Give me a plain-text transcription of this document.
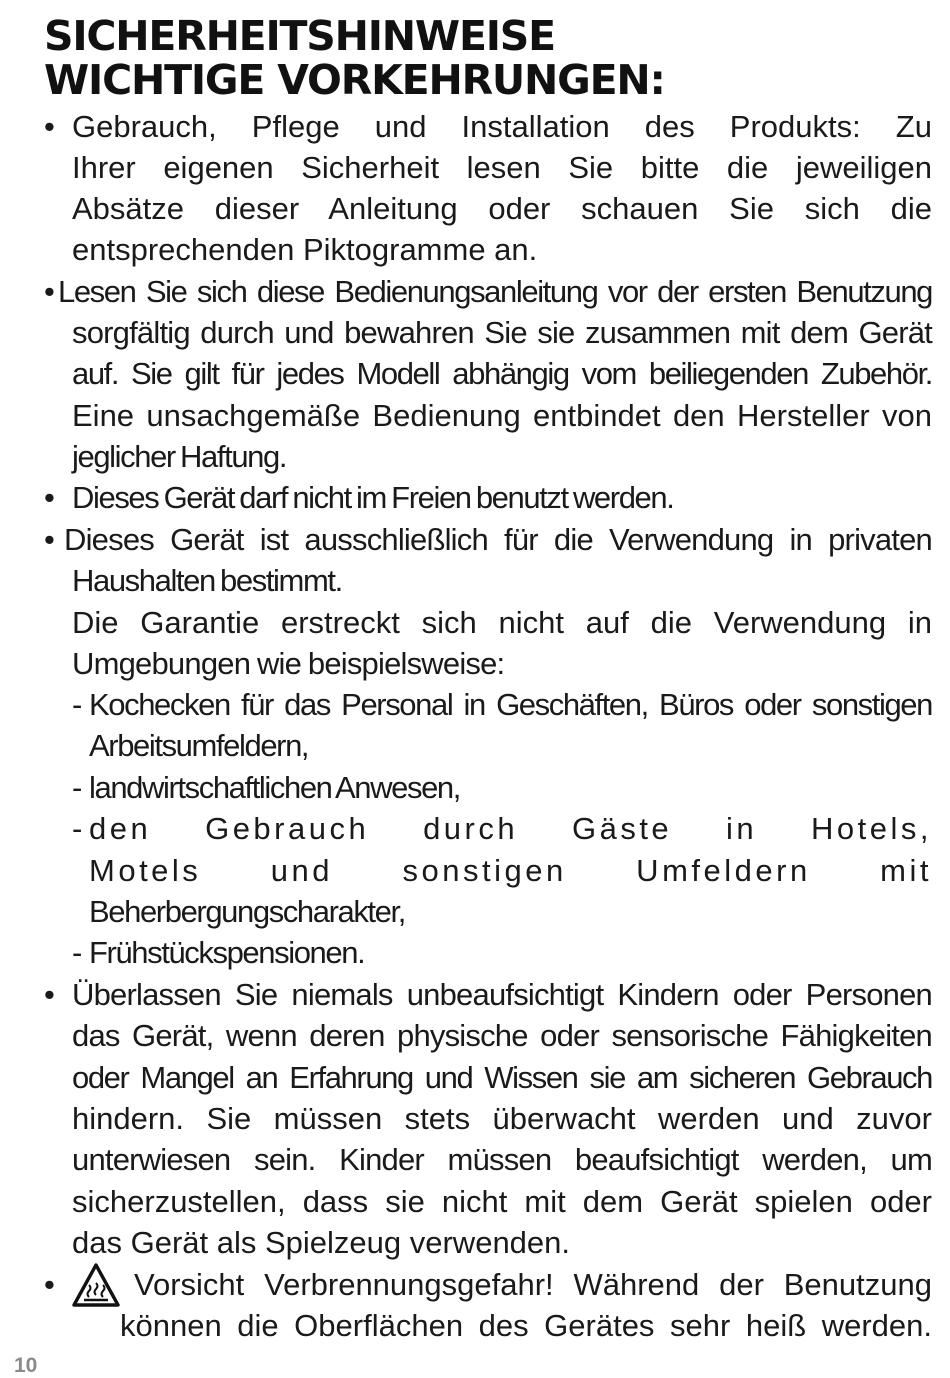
SICHERHEITSHINWEISE
WICHTIGE VORKEHRUNGEN:
• Gebrauch, Pflege und Installation des Produkts: Zu
Ihrer eigenen Sicherheit lesen Sie bitte die jeweiligen
Absätze dieser Anleitung oder schauen Sie sich die
entsprechenden Piktogramme an.
• Lesen Sie sich diese Bedienungsanleitung vor der ersten Benutzung
sorgfältig durch und bewahren Sie sie zusammen mit dem Gerät
auf. Sie gilt für jedes Modell abhängig vom beiliegenden Zubehör.
Eine unsachgemäße Bedienung entbindet den Hersteller von
jeglicher Haftung.
• Dieses Gerät darf nicht im Freien benutzt werden.
• Dieses Gerät ist ausschließlich für die Verwendung in privaten
Haushalten bestimmt.
Die Garantie erstreckt sich nicht auf die Verwendung in
Umgebungen wie beispielsweise:
- Kochecken für das Personal in Geschäften, Büros oder sonstigen
Arbeitsumfeldern,
- landwirtschaftlichen Anwesen,
- den Gebrauch durch Gäste in Hotels,
Motels und sonstigen Umfeldern mit
Beherbergungscharakter,
- Frühstückspensionen.
• Überlassen Sie niemals unbeaufsichtigt Kindern oder Personen
das Gerät, wenn deren physische oder sensorische Fähigkeiten
oder Mangel an Erfahrung und Wissen sie am sicheren Gebrauch
hindern. Sie müssen stets überwacht werden und zuvor
unterwiesen sein. Kinder müssen beaufsichtigt werden, um
sicherzustellen, dass sie nicht mit dem Gerät spielen oder
das Gerät als Spielzeug verwenden.
•	Vorsicht Verbrennungsgefahr! Während der Benutzung
können die Oberflächen des Gerätes sehr heiß werden.
10
